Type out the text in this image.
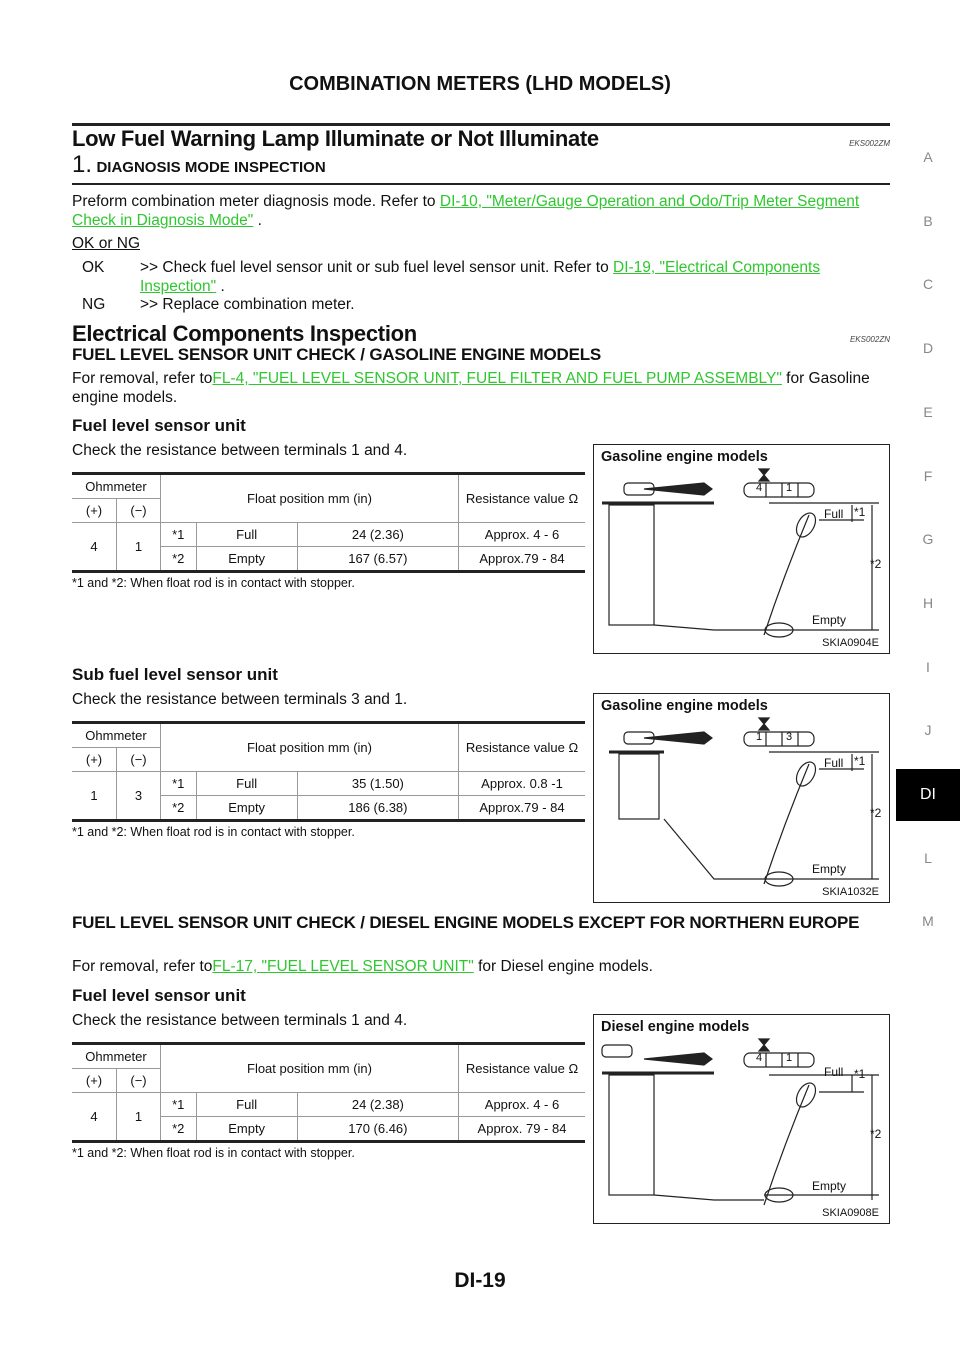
COMBINATION METERS (LHD MODELS)
Low Fuel Warning Lamp Illuminate or Not Illuminate	EKS002ZM
1. DIAGNOSIS MODE INSPECTION
Preform combination meter diagnosis mode. Refer to DI-10, "Meter/Gauge Operation and Odo/Trip Meter Segment Check in Diagnosis Mode" .
OK or NG
OK	>> Check fuel level sensor unit or sub fuel level sensor unit. Refer to DI-19, "Electrical Components Inspection" .
NG	>> Replace combination meter.
Electrical Components Inspection	EKS002ZN
FUEL LEVEL SENSOR UNIT CHECK / GASOLINE ENGINE MODELS
For removal, refer toFL-4, "FUEL LEVEL SENSOR UNIT, FUEL FILTER AND FUEL PUMP ASSEMBLY" for Gasoline engine models.
FUEL LEVEL SENSOR UNIT CHECK / DIESEL ENGINE MODELS EXCEPT FOR NORTHERN EUROPE
For removal, refer toFL-17, "FUEL LEVEL SENSOR UNIT" for Diesel engine models.
Fuel level sensor unit
Check the resistance between terminals 1 and 4.
Ohmmeter		Float position mm (in)			Resistance value Ω
(+)	(−)				
4	1	*1	Full	24 (2.36)	Approx. 4 - 6
		*2	Empty	167 (6.57)	Approx.79 - 84
*1 and *2: When float rod is in contact with stopper.
Gasoline engine models
4 1
Full *1
*2
Empty
SKIA0904E
Sub fuel level sensor unit
Check the resistance between terminals 3 and 1.
Ohmmeter		Float position mm (in)			Resistance value Ω
(+)	(−)				
1	3	*1	Full	35 (1.50)	Approx. 0.8 -1
		*2	Empty	186 (6.38)	Approx.79 - 84
*1 and *2: When float rod is in contact with stopper.
Gasoline engine models
1 3
Full *1
*2
Empty
SKIA1032E
Fuel level sensor unit
Check the resistance between terminals 1 and 4.
Ohmmeter		Float position mm (in)			Resistance value Ω
(+)	(−)				
4	1	*1	Full	24 (2.38)	Approx. 4 - 6
		*2	Empty	170 (6.46)	Approx. 79 - 84
*1 and *2: When float rod is in contact with stopper.
Diesel engine models
4 1
Full *1
*2
Empty
SKIA0908E
A
B
C
D
E
F
G
H
I
J
DI
L
M
DI-19
